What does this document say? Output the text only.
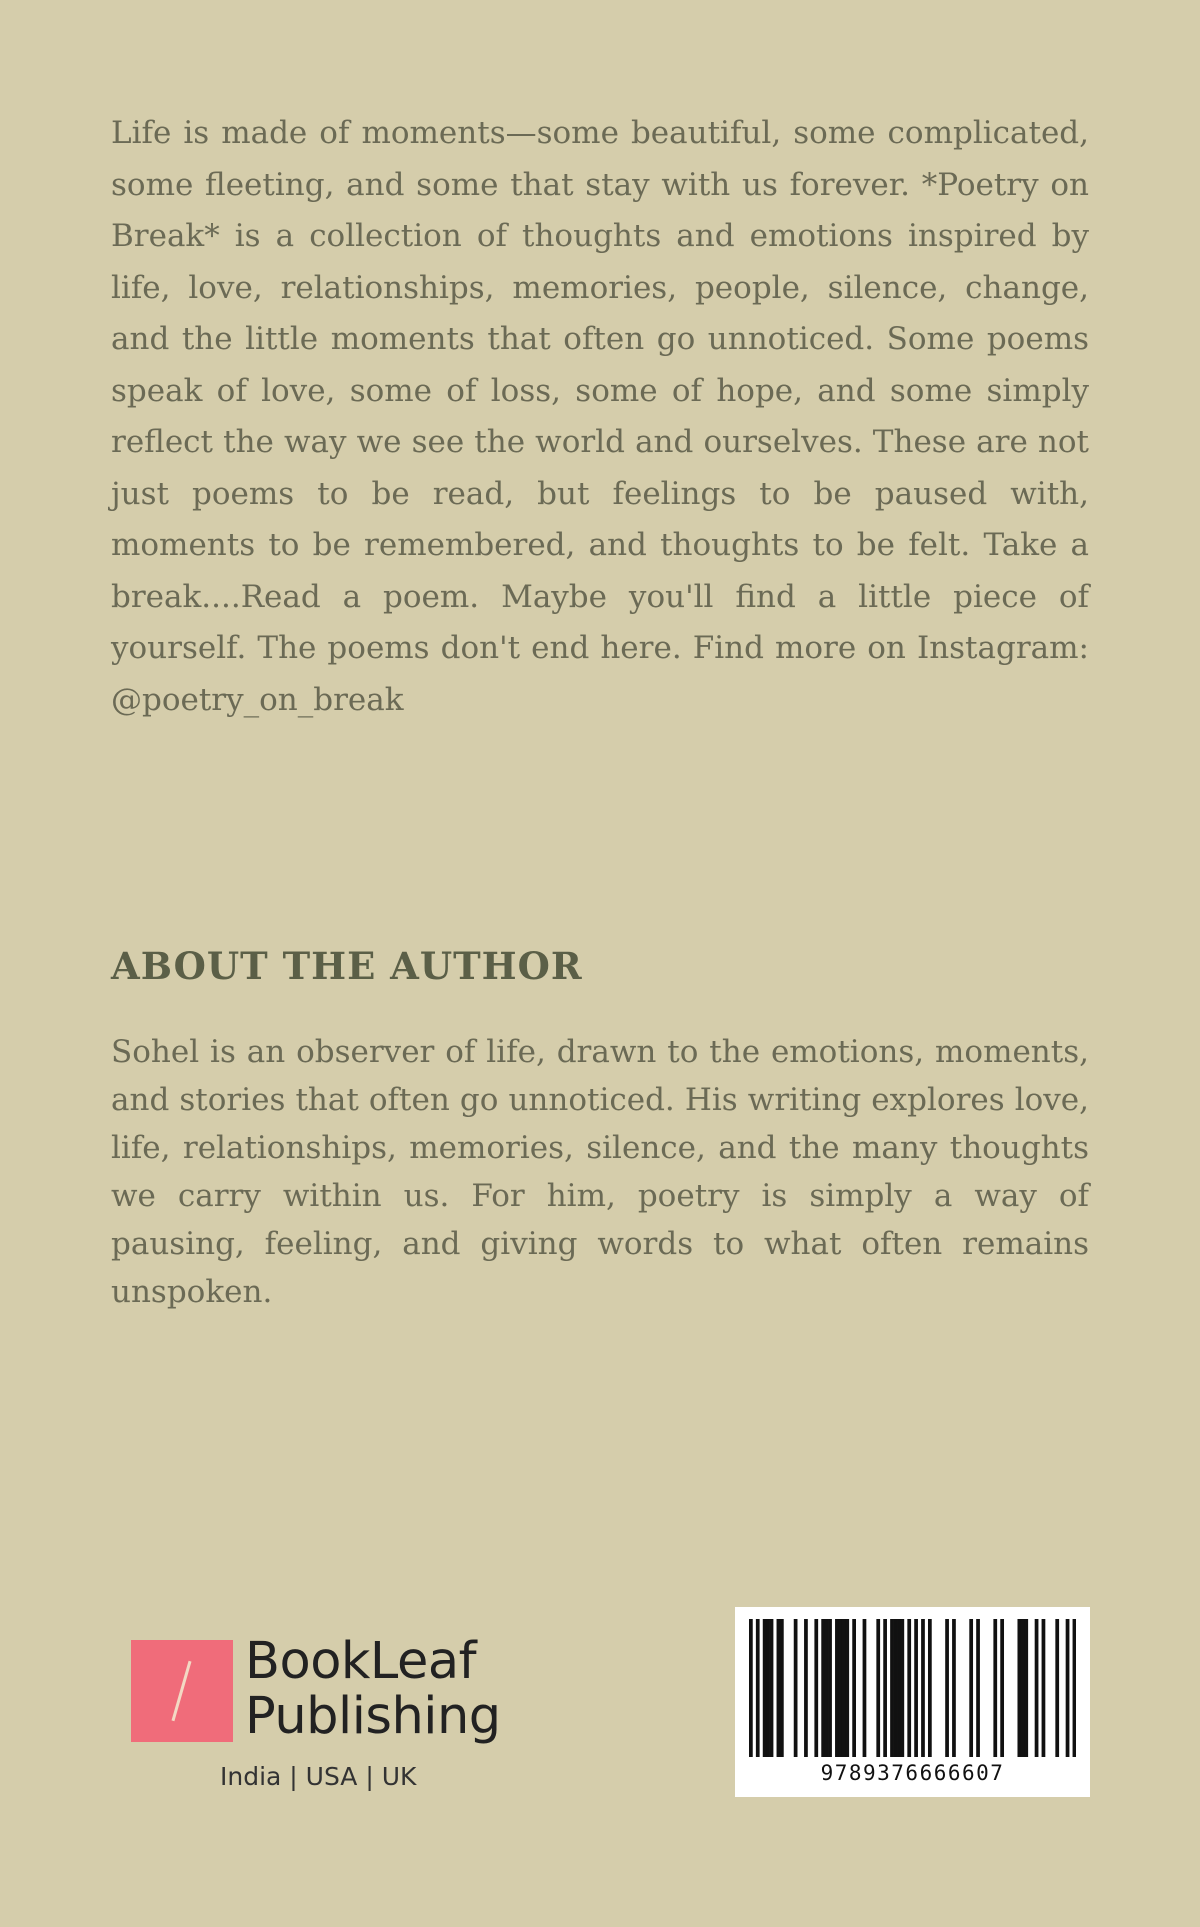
Life is made of moments—some beautiful, some complicated, some fleeting, and some that stay with us forever. *Poetry on Break* is a collection of thoughts and emotions inspired by life, love, relationships, memories, people, silence, change, and the little moments that often go unnoticed. Some poems speak of love, some of loss, some of hope, and some simply reflect the way we see the world and ourselves. These are not just poems to be read, but feelings to be paused with, moments to be remembered, and thoughts to be felt. Take a break....Read a poem. Maybe you'll find a little piece of yourself. The poems don't end here. Find more on Instagram: @poetry_on_break

ABOUT THE AUTHOR

Sohel is an observer of life, drawn to the emotions, moments, and stories that often go unnoticed. His writing explores love, life, relationships, memories, silence, and the many thoughts we carry within us. For him, poetry is simply a way of pausing, feeling, and giving words to what often remains unspoken.

BookLeaf
Publishing
India | USA | UK	9789376666607
